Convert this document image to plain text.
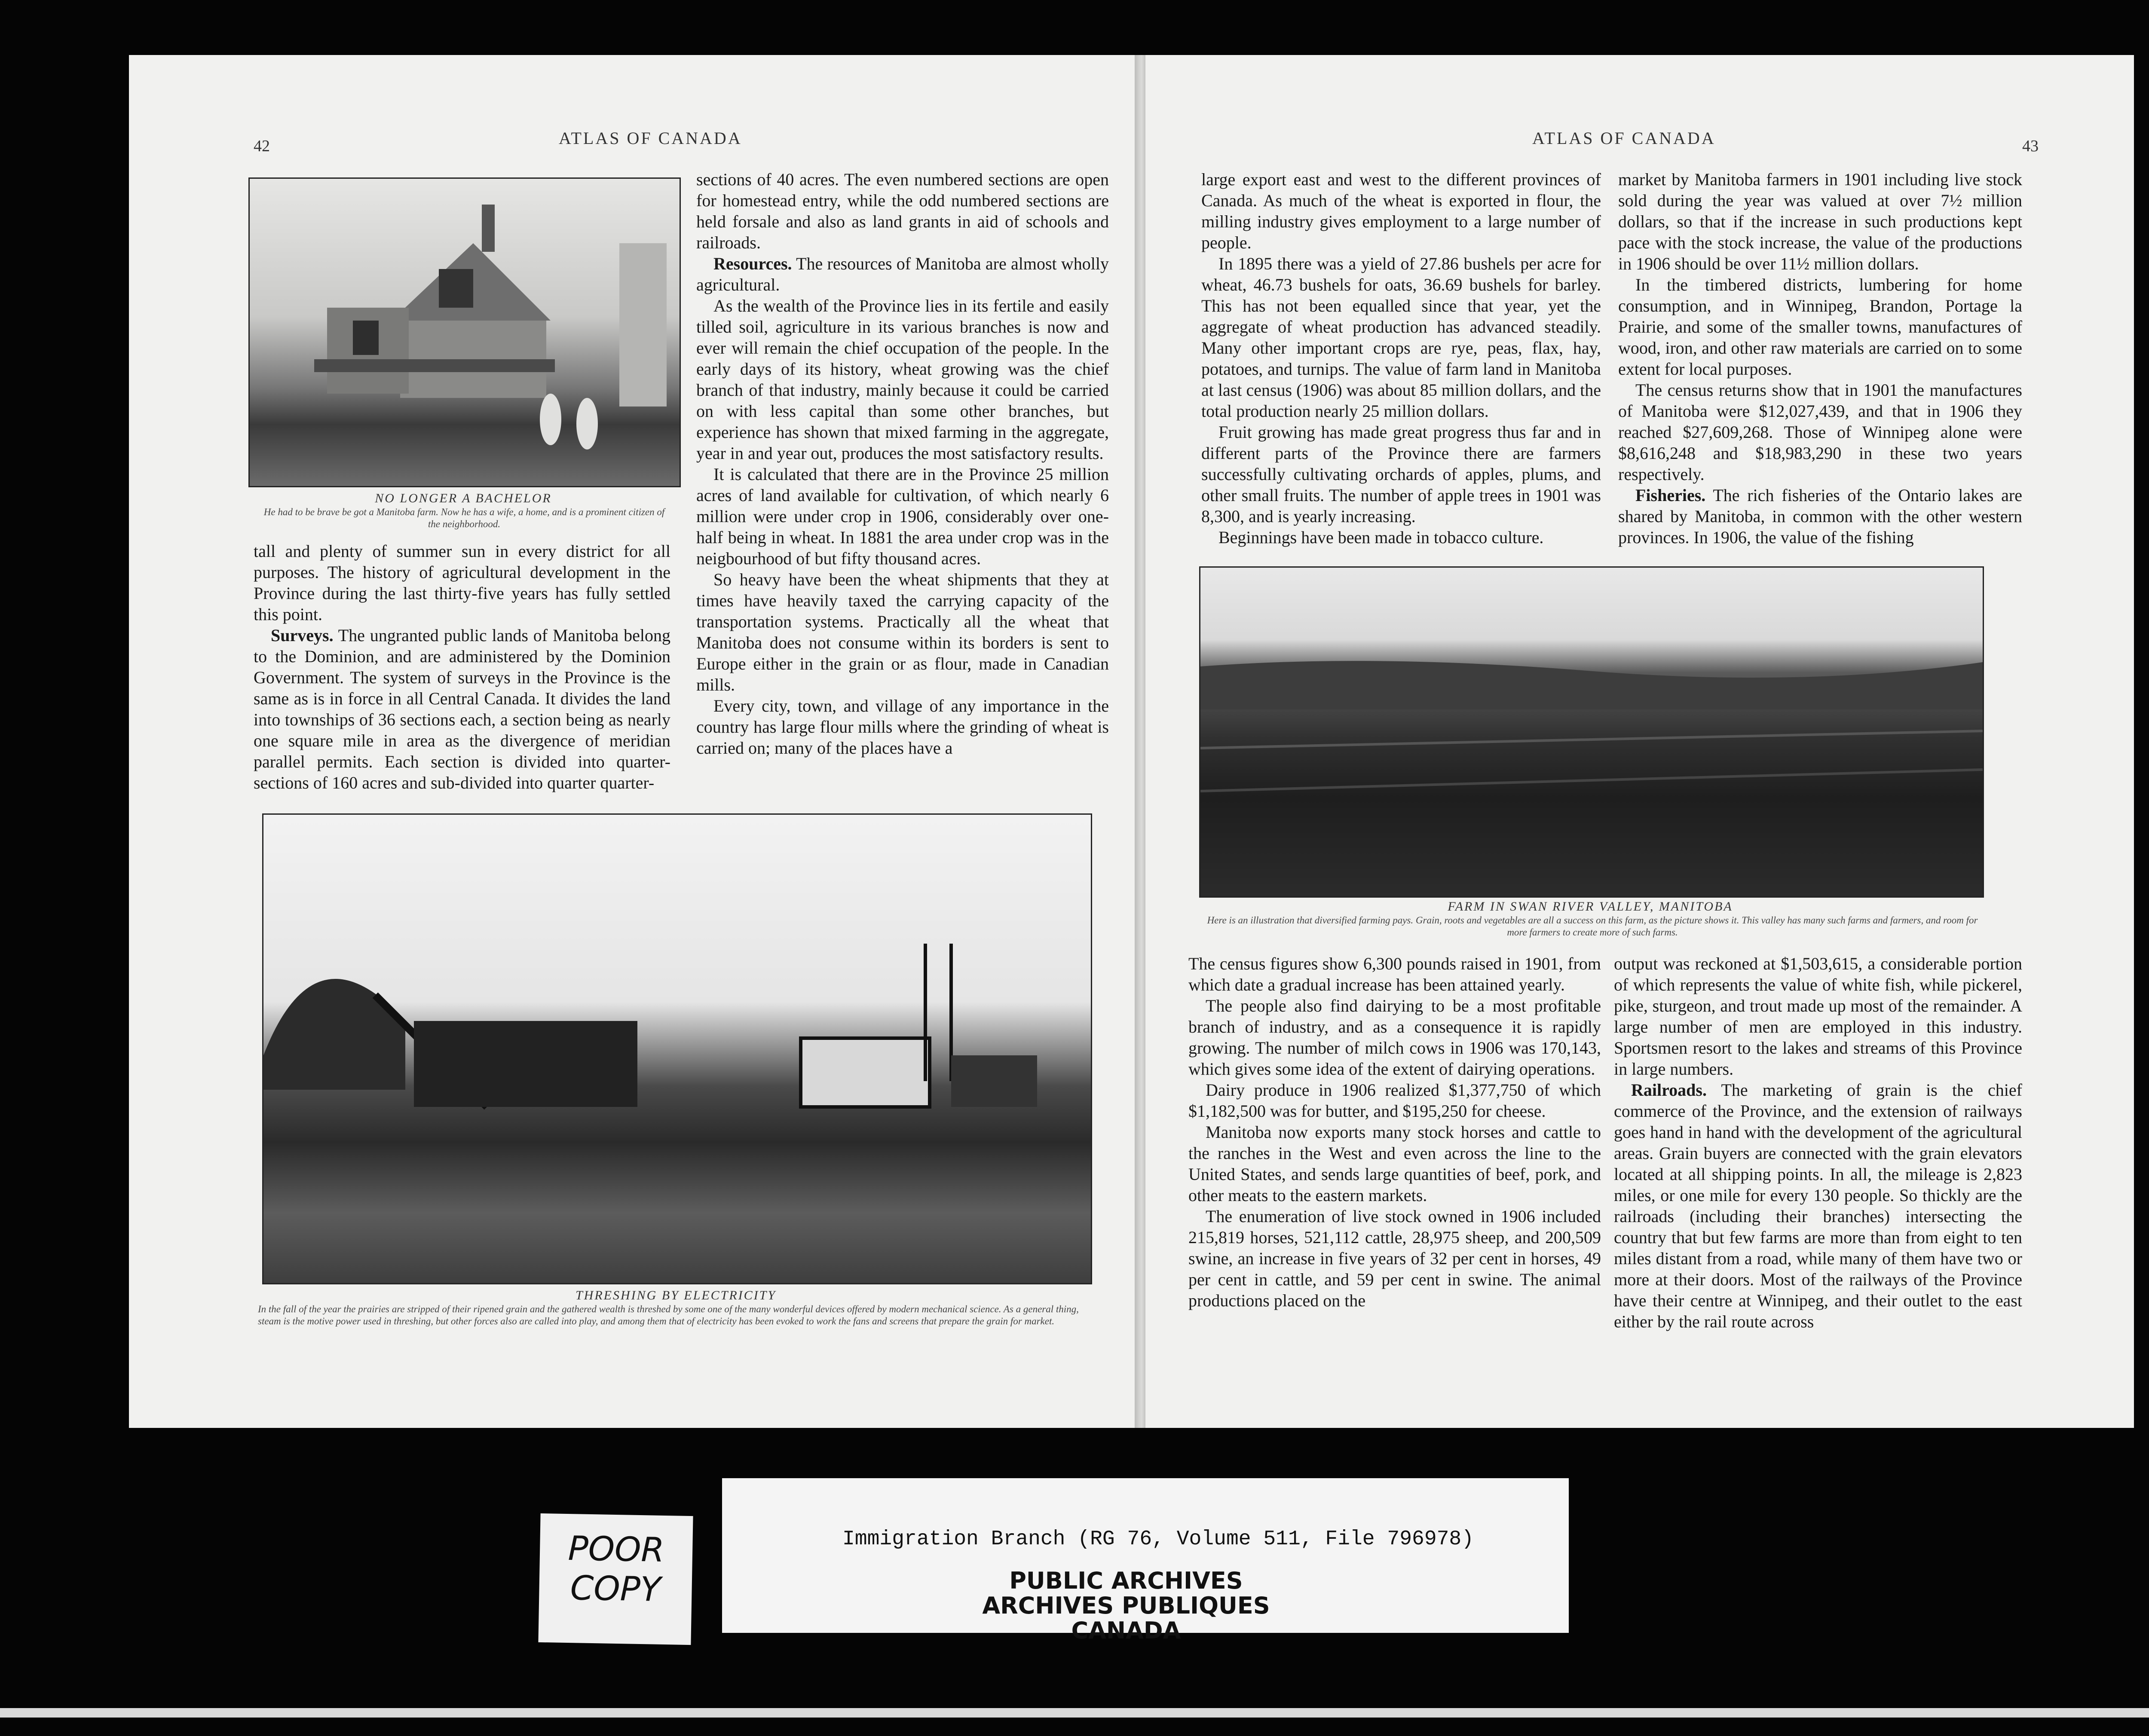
42	ATLAS OF CANADA

NO LONGER A BACHELOR

He had to be brave be got a Manitoba farm. Now he has a wife, a home, and is a prominent citizen of the neighborhood.

tall and plenty of summer sun in every district for all purposes. The history of agricultural development in the Province during the last thirty-five years has fully settled this point.

Surveys. The ungranted public lands of Manitoba belong to the Dominion, and are administered by the Dominion Government. The system of surveys in the Province is the same as is in force in all Central Canada. It divides the land into townships of 36 sections each, a section being as nearly one square mile in area as the divergence of meridian parallel permits. Each section is divided into quarter-sections of 160 acres and sub-divided into quarter quarter-

sections of 40 acres. The even numbered sections are open for homestead entry, while the odd numbered sections are held forsale and also as land grants in aid of schools and railroads.

Resources. The resources of Manitoba are almost wholly agricultural.

As the wealth of the Province lies in its fertile and easily tilled soil, agriculture in its various branches is now and ever will remain the chief occupation of the people. In the early days of its history, wheat growing was the chief branch of that industry, mainly because it could be carried on with less capital than some other branches, but experience has shown that mixed farming in the aggregate, year in and year out, produces the most satisfactory results.

It is calculated that there are in the Province 25 million acres of land available for cultivation, of which nearly 6 million were under crop in 1906, considerably over one-half being in wheat. In 1881 the area under crop was in the neigbourhood of but fifty thousand acres.

So heavy have been the wheat shipments that they at times have heavily taxed the carrying capacity of the transportation systems. Practically all the wheat that Manitoba does not consume within its borders is sent to Europe either in the grain or as flour, made in Canadian mills.

Every city, town, and village of any importance in the country has large flour mills where the grinding of wheat is carried on; many of the places have a

THRESHING BY ELECTRICITY

In the fall of the year the prairies are stripped of their ripened grain and the gathered wealth is threshed by some one of the many wonderful devices offered by modern mechanical science. As a general thing, steam is the motive power used in threshing, but other forces also are called into play, and among them that of electricity has been evoked to work the fans and screens that prepare the grain for market.

ATLAS OF CANADA	43

large export east and west to the different provinces of Canada. As much of the wheat is exported in flour, the milling industry gives employment to a large number of people.

In 1895 there was a yield of 27.86 bushels per acre for wheat, 46.73 bushels for oats, 36.69 bushels for barley. This has not been equalled since that year, yet the aggregate of wheat production has advanced steadily. Many other important crops are rye, peas, flax, hay, potatoes, and turnips. The value of farm land in Manitoba at last census (1906) was about 85 million dollars, and the total production nearly 25 million dollars.

Fruit growing has made great progress thus far and in different parts of the Province there are farmers successfully cultivating orchards of apples, plums, and other small fruits. The number of apple trees in 1901 was 8,300, and is yearly increasing.

Beginnings have been made in tobacco culture.

market by Manitoba farmers in 1901 including live stock sold during the year was valued at over 7½ million dollars, so that if the increase in such productions kept pace with the stock increase, the value of the productions in 1906 should be over 11½ million dollars.

In the timbered districts, lumbering for home consumption, and in Winnipeg, Brandon, Portage la Prairie, and some of the smaller towns, manufactures of wood, iron, and other raw materials are carried on to some extent for local purposes.

The census returns show that in 1901 the manufactures of Manitoba were $12,027,439, and that in 1906 they reached $27,609,268. Those of Winnipeg alone were $8,616,248 and $18,983,290 in these two years respectively.

Fisheries. The rich fisheries of the Ontario lakes are shared by Manitoba, in common with the other western provinces. In 1906, the value of the fishing

FARM IN SWAN RIVER VALLEY, MANITOBA

Here is an illustration that diversified farming pays. Grain, roots and vegetables are all a success on this farm, as the picture shows it. This valley has many such farms and farmers, and room for more farmers to create more of such farms.

The census figures show 6,300 pounds raised in 1901, from which date a gradual increase has been attained yearly.

The people also find dairying to be a most profitable branch of industry, and as a consequence it is rapidly growing. The number of milch cows in 1906 was 170,143, which gives some idea of the extent of dairying operations.

Dairy produce in 1906 realized $1,377,750 of which $1,182,500 was for butter, and $195,250 for cheese.

Manitoba now exports many stock horses and cattle to the ranches in the West and even across the line to the United States, and sends large quantities of beef, pork, and other meats to the eastern markets.

The enumeration of live stock owned in 1906 included 215,819 horses, 521,112 cattle, 28,975 sheep, and 200,509 swine, an increase in five years of 32 per cent in horses, 49 per cent in cattle, and 59 per cent in swine. The animal productions placed on the

output was reckoned at $1,503,615, a considerable portion of which represents the value of white fish, while pickerel, pike, sturgeon, and trout made up most of the remainder. A large number of men are employed in this industry. Sportsmen resort to the lakes and streams of this Province in large numbers.

Railroads. The marketing of grain is the chief commerce of the Province, and the extension of railways goes hand in hand with the development of the agricultural areas. Grain buyers are connected with the grain elevators located at all shipping points. In all, the mileage is 2,823 miles, or one mile for every 130 people. So thickly are the railroads (including their branches) intersecting the country that but few farms are more than from eight to ten miles distant from a road, while many of them have two or more at their doors. Most of the railways of the Province have their centre at Winnipeg, and their outlet to the east either by the rail route across

POOR
COPY
Immigration Branch (RG 76, Volume 511, File 796978)
PUBLIC ARCHIVES
ARCHIVES PUBLIQUES
CANADA
